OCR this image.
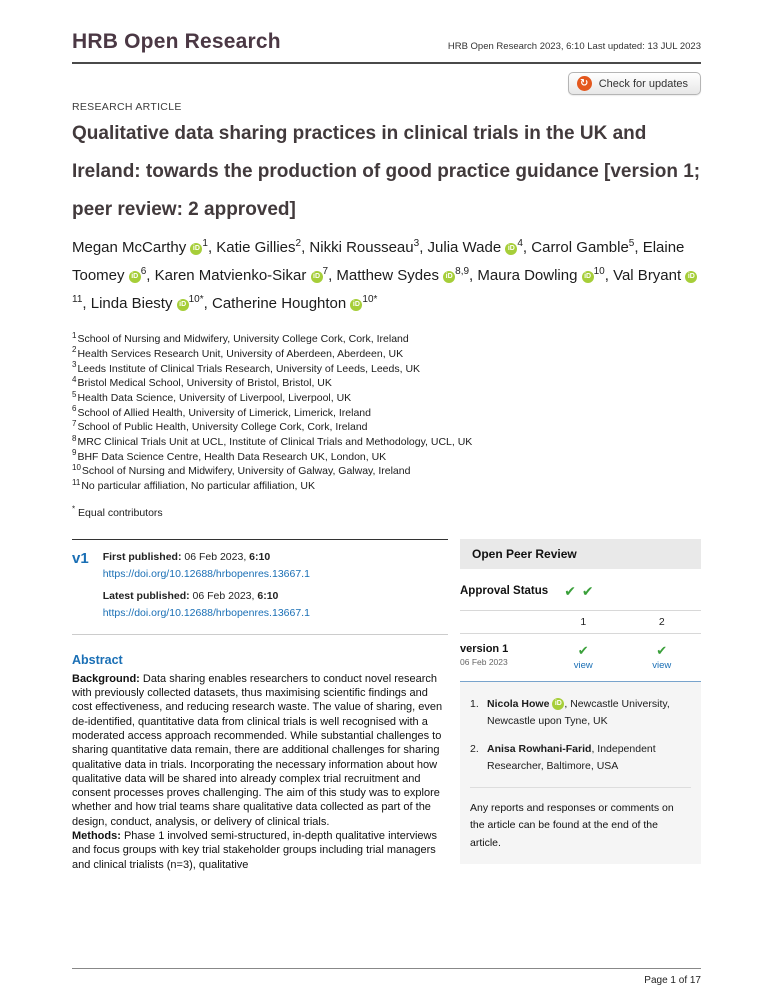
HRB Open Research	HRB Open Research 2023, 6:10 Last updated: 13 JUL 2023
↻ Check for updates
RESEARCH ARTICLE
Qualitative data sharing practices in clinical trials in the UK and Ireland: towards the production of good practice guidance [version 1; peer review: 2 approved]
Megan McCarthy iD $^1$, Katie Gillies$^2$, Nikki Rousseau$^3$, Julia Wade iD $^4$, Carrol Gamble$^5$, Elaine Toomey iD $^6$, Karen Matvienko-Sikar iD $^7$, Matthew Sydes iD $^{8,9}$, Maura Dowling iD $^{10}$, Val Bryant $iD^{11}$, Linda Biesty iD $^{10*}$, Catherine Houghton iD $^{10*}$
$^1$School of Nursing and Midwifery, University College Cork, Cork, Ireland
$^2$Health Services Research Unit, University of Aberdeen, Aberdeen, UK
$^3$Leeds Institute of Clinical Trials Research, University of Leeds, Leeds, UK
$^4$Bristol Medical School, University of Bristol, Bristol, UK
$^5$Health Data Science, University of Liverpool, Liverpool, UK
$^6$School of Allied Health, University of Limerick, Limerick, Ireland
$^7$School of Public Health, University College Cork, Cork, Ireland
$^8$MRC Clinical Trials Unit at UCL, Institute of Clinical Trials and Methodology, UCL, UK
$^9$BHF Data Science Centre, Health Data Research UK, London, UK
$^{10}$School of Nursing and Midwifery, University of Galway, Galway, Ireland
$^{11}$No particular affiliation, No particular affiliation, UK
* Equal contributors
v1 First published: 06 Feb 2023, 6:10
https://doi.org/10.12688/hrbopenres.13667.1
Latest published: 06 Feb 2023, 6:10
https://doi.org/10.12688/hrbopenres.13667.1
Abstract

Background: Data sharing enables researchers to conduct novel research with previously collected datasets, thus maximising scientific findings and cost effectiveness, and reducing research waste. The value of sharing, even de-identified, quantitative data from clinical trials is well recognised with a moderated access approach recommended. While substantial challenges to sharing quantitative data remain, there are additional challenges for sharing qualitative data in trials. Incorporating the necessary information about how qualitative data will be shared into already complex trial recruitment and consent processes proves challenging. The aim of this study was to explore whether and how trial teams share qualitative data collected as part of the design, conduct, analysis, or delivery of clinical trials.

Methods: Phase 1 involved semi-structured, in-depth qualitative interviews and focus groups with key trial stakeholder groups including trial managers and clinical trialists (n=3), qualitative

Open Peer Review
Approval Status ✔ ✔
1	2
version 1
06 Feb 2023
✔
view
✔
view
1. Nicola Howe iD , Newcastle University, Newcastle upon Tyne, UK
2. Anisa Rowhani-Farid, Independent Researcher, Baltimore, USA
Any reports and responses or comments on the article can be found at the end of the article.
Page 1 of 17
